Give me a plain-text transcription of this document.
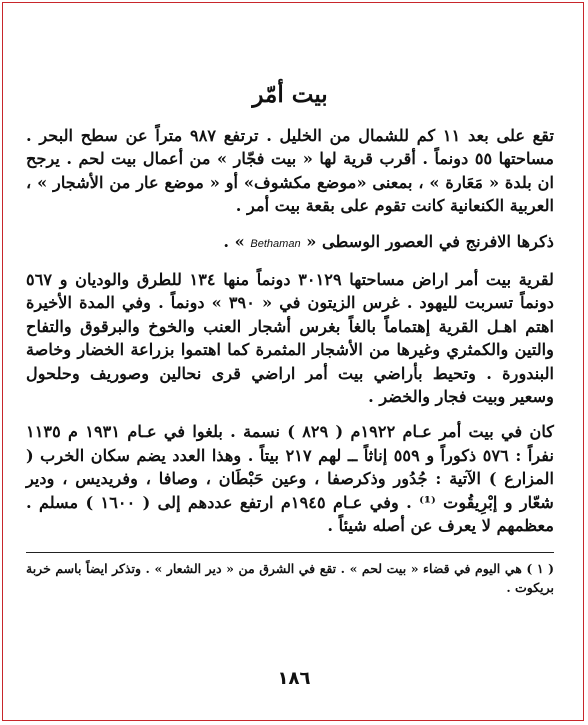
بيت أمّر

تقع على بعد ١١ كم للشمال من الخليل . ترتفع ٩٨٧ متراً عن سطح البحر . مساحتها ٥٥ دونماً . أقرب قرية لها « بيت فجّار » من أعمال بيت لحم . يرجح ان بلدة « مَعَارة » ، بمعنى «موضع مكشوف» أو « موضع عار من الأشجار » ، العربية الكنعانية كانت تقوم على بقعة بيت أمر .

ذكرها الافرنج في العصور الوسطى « Bethaman » .

لقرية بيت أمر اراض مساحتها ٣٠١٢٩ دونماً منها ١٣٤ للطرق والوديان و ٥٦٧ دونماً تسربت لليهود . غرس الزيتون في « ٣٩٠ » دونماً . وفي المدة الأخيرة اهتم اهـل القرية إهتماماً بالغاً بغرس أشجار العنب والخوخ والبرقوق والتفاح والتين والكمثري وغيرها من الأشجار المثمرة كما اهتموا بزراعة الخضار وخاصة البندورة . وتحيط بأراضي بيت أمر اراضي قرى نحالين وصوريف وحلحول وسعير وبيت فجار والخضر .

كان في بيت أمر عـام ١٩٢٢م ( ٨٢٩ ) نسمة . بلغوا في عـام ١٩٣١ م ١١٣٥ نفراً : ٥٧٦ ذكوراً و ٥٥٩ إناثاً ــ لهم ٢١٧ بيتاً . وهذا العدد يضم سكان الخرب ( المزارع ) الآتية : جُدُور وذكرصفا ، وعين حَبْطَان ، وصافا ، وفريديس ، ودير شعّار و إبْرِيقُوت ⁽¹⁾ . وفي عـام ١٩٤٥م ارتفع عددهم إلى ( ١٦٠٠ ) مسلم . معظمهم لا يعرف عن أصله شيئاً .

( ١ ) هي اليوم في قضاء « بيت لحم » . تقع في الشرق من « دير الشعار » . وتذكر ايضاً باسم خربة بريكوت .

١٨٦
